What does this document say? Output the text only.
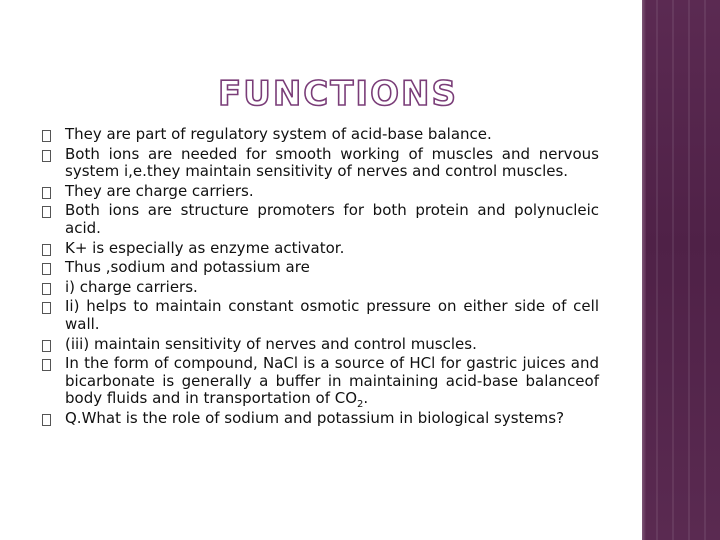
FUNCTIONS
They are part of regulatory system of acid-base balance.
Both ions are needed for smooth working of muscles and nervous system i,e.they maintain sensitivity of nerves and control muscles.
They are charge carriers.
Both ions are structure promoters for both protein and polynucleic acid.
K+ is especially as enzyme activator.
Thus ,sodium and potassium are
i) charge carriers.
Ii) helps to maintain constant osmotic pressure on either side of cell wall.
(iii) maintain sensitivity of nerves and control muscles.
In the form of compound, NaCl is a source of HCl for gastric juices and bicarbonate is generally a buffer in maintaining acid-base balanceof body fluids and in transportation of $CO_2$.
Q.What is the role of sodium and potassium in biological systems?
